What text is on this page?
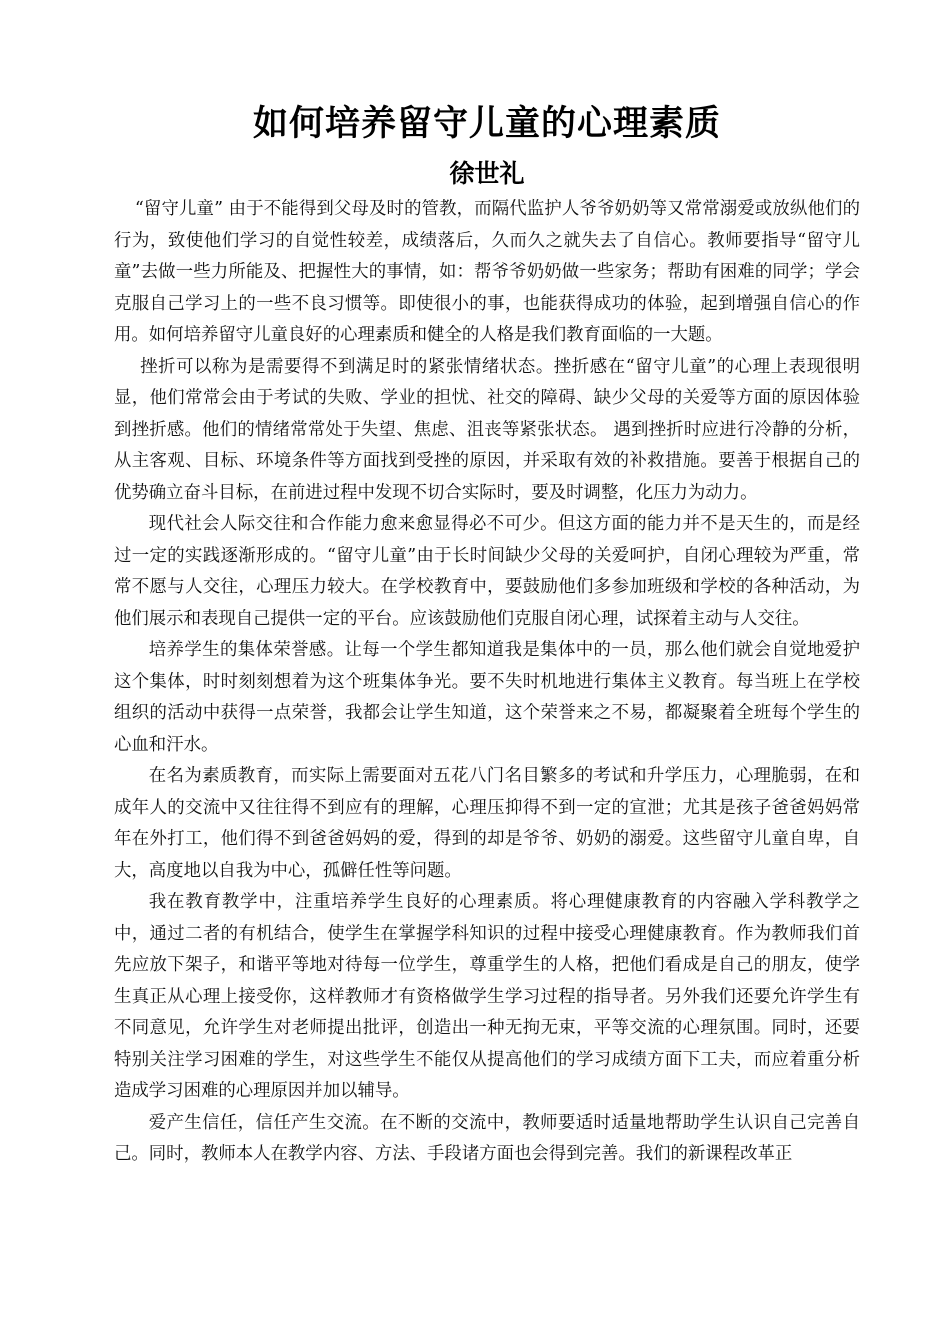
如何培养留守儿童的心理素质
徐世礼

“留守儿童” 由于不能得到父母及时的管教，而隔代监护人爷爷奶奶等又常常溺爱或放纵他们的行为，致使他们学习的自觉性较差，成绩落后，久而久之就失去了自信心。教师要指导“留守儿童”去做一些力所能及、把握性大的事情，如：帮爷爷奶奶做一些家务；帮助有困难的同学；学会克服自己学习上的一些不良习惯等。即使很小的事，也能获得成功的体验，起到增强自信心的作用。如何培养留守儿童良好的心理素质和健全的人格是我们教育面临的一大题。

挫折可以称为是需要得不到满足时的紧张情绪状态。挫折感在“留守儿童”的心理上表现很明显，他们常常会由于考试的失败、学业的担忧、社交的障碍、缺少父母的关爱等方面的原因体验到挫折感。他们的情绪常常处于失望、焦虑、沮丧等紧张状态。 遇到挫折时应进行冷静的分析，从主客观、目标、环境条件等方面找到受挫的原因，并采取有效的补救措施。要善于根据自己的优势确立奋斗目标，在前进过程中发现不切合实际时，要及时调整，化压力为动力。

现代社会人际交往和合作能力愈来愈显得必不可少。但这方面的能力并不是天生的，而是经过一定的实践逐渐形成的。“留守儿童”由于长时间缺少父母的关爱呵护，自闭心理较为严重，常常不愿与人交往，心理压力较大。在学校教育中，要鼓励他们多参加班级和学校的各种活动，为他们展示和表现自己提供一定的平台。应该鼓励他们克服自闭心理，试探着主动与人交往。

培养学生的集体荣誉感。让每一个学生都知道我是集体中的一员，那么他们就会自觉地爱护这个集体，时时刻刻想着为这个班集体争光。要不失时机地进行集体主义教育。每当班上在学校组织的活动中获得一点荣誉，我都会让学生知道，这个荣誉来之不易，都凝聚着全班每个学生的心血和汗水。

在名为素质教育，而实际上需要面对五花八门名目繁多的考试和升学压力，心理脆弱，在和成年人的交流中又往往得不到应有的理解，心理压抑得不到一定的宣泄；尤其是孩子爸爸妈妈常年在外打工，他们得不到爸爸妈妈的爱，得到的却是爷爷、奶奶的溺爱。这些留守儿童自卑，自大，高度地以自我为中心，孤僻任性等问题。

我在教育教学中，注重培养学生良好的心理素质。将心理健康教育的内容融入学科教学之中，通过二者的有机结合，使学生在掌握学科知识的过程中接受心理健康教育。作为教师我们首先应放下架子，和谐平等地对待每一位学生，尊重学生的人格，把他们看成是自己的朋友，使学生真正从心理上接受你，这样教师才有资格做学生学习过程的指导者。另外我们还要允许学生有不同意见，允许学生对老师提出批评，创造出一种无拘无束，平等交流的心理氛围。同时，还要特别关注学习困难的学生，对这些学生不能仅从提高他们的学习成绩方面下工夫，而应着重分析造成学习困难的心理原因并加以辅导。

爱产生信任，信任产生交流。在不断的交流中，教师要适时适量地帮助学生认识自己完善自己。同时，教师本人在教学内容、方法、手段诸方面也会得到完善。我们的新课程改革正
